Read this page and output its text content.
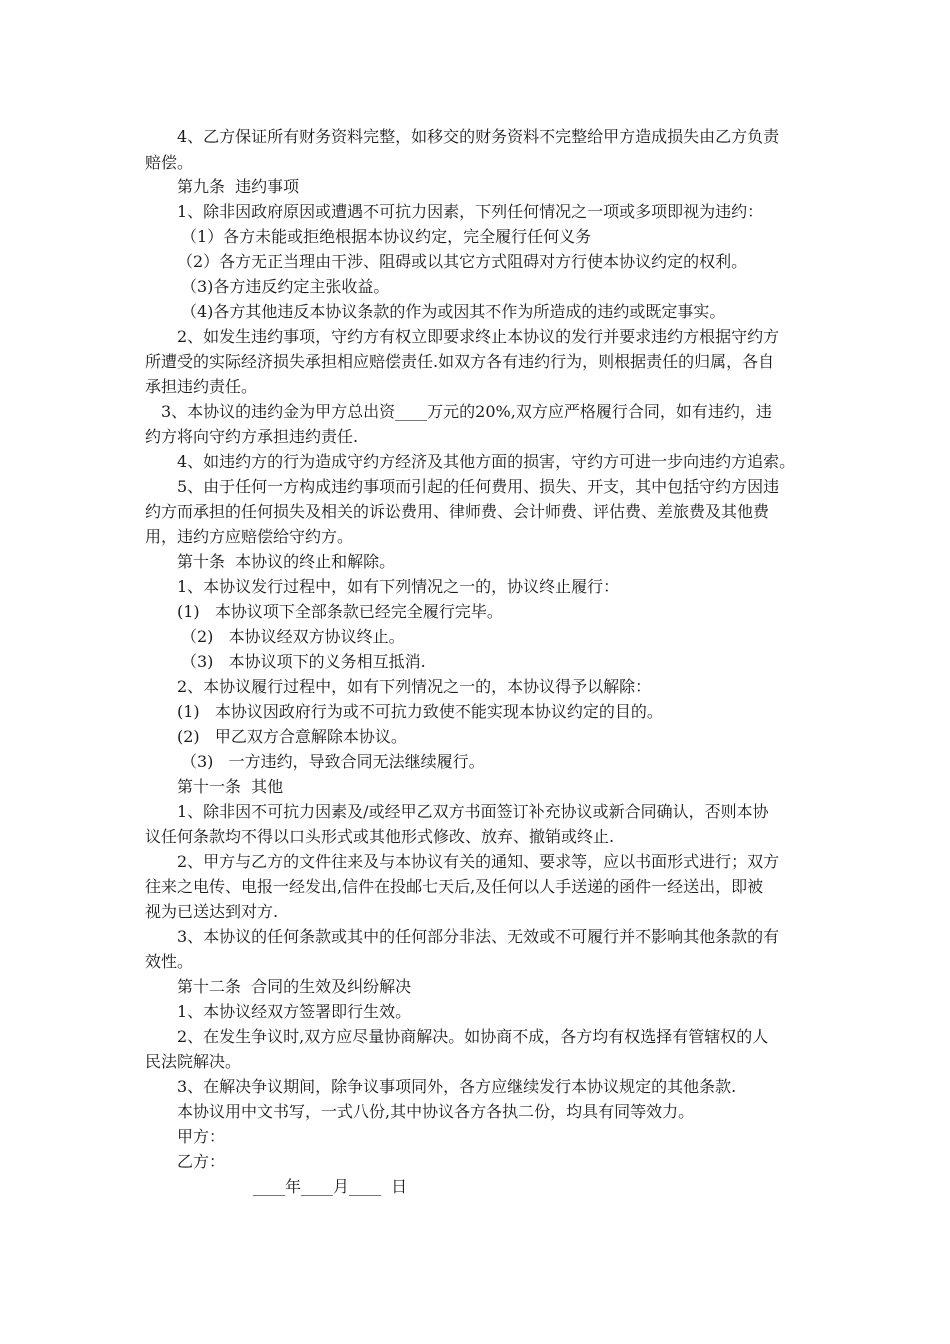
4、乙方保证所有财务资料完整，如移交的财务资料不完整给甲方造成损失由乙方负责
赔偿。
第九条  违约事项
1、除非因政府原因或遭遇不可抗力因素，下列任何情况之一项或多项即视为违约：
（1）各方未能或拒绝根据本协议约定，完全履行任何义务
（2）各方无正当理由干涉、阻碍或以其它方式阻碍对方行使本协议约定的权利。
（3)各方违反约定主张收益。
（4)各方其他违反本协议条款的作为或因其不作为所造成的违约或既定事实。
2、如发生违约事项，守约方有权立即要求终止本协议的发行并要求违约方根据守约方
所遭受的实际经济损失承担相应赔偿责任.如双方各有违约行为，则根据责任的归属，各自
承担违约责任。
3、本协议的违约金为甲方总出资____万元的20%,双方应严格履行合同，如有违约，违
约方将向守约方承担违约责任.
4、如违约方的行为造成守约方经济及其他方面的损害，守约方可进一步向违约方追索。
5、由于任何一方构成违约事项而引起的任何费用、损失、开支，其中包括守约方因违
约方而承担的任何损失及相关的诉讼费用、律师费、会计师费、评估费、差旅费及其他费
用，违约方应赔偿给守约方。
第十条  本协议的终止和解除。
1、本协议发行过程中，如有下列情况之一的，协议终止履行：
(1)   本协议项下全部条款已经完全履行完毕。
（2)   本协议经双方协议终止。
（3)   本协议项下的义务相互抵消.
2、本协议履行过程中，如有下列情况之一的，本协议得予以解除：
(1)   本协议因政府行为或不可抗力致使不能实现本协议约定的目的。
(2)   甲乙双方合意解除本协议。
（3)   一方违约，导致合同无法继续履行。
第十一条  其他
1、除非因不可抗力因素及/或经甲乙双方书面签订补充协议或新合同确认，否则本协
议任何条款均不得以口头形式或其他形式修改、放弃、撤销或终止.
2、甲方与乙方的文件往来及与本协议有关的通知、要求等，应以书面形式进行；双方
往来之电传、电报一经发出,信件在投邮七天后,及任何以人手送递的函件一经送出，即被
视为已送达到对方.
3、本协议的任何条款或其中的任何部分非法、无效或不可履行并不影响其他条款的有
效性。
第十二条  合同的生效及纠纷解决
1、本协议经双方签署即行生效。
2、在发生争议时,双方应尽量协商解决。如协商不成，各方均有权选择有管辖权的人
民法院解决。
3、在解决争议期间，除争议事项同外，各方应继续发行本协议规定的其他条款.
本协议用中文书写，一式八份,其中协议各方各执二份，均具有同等效力。
甲方：
乙方：
____年____月____  日
